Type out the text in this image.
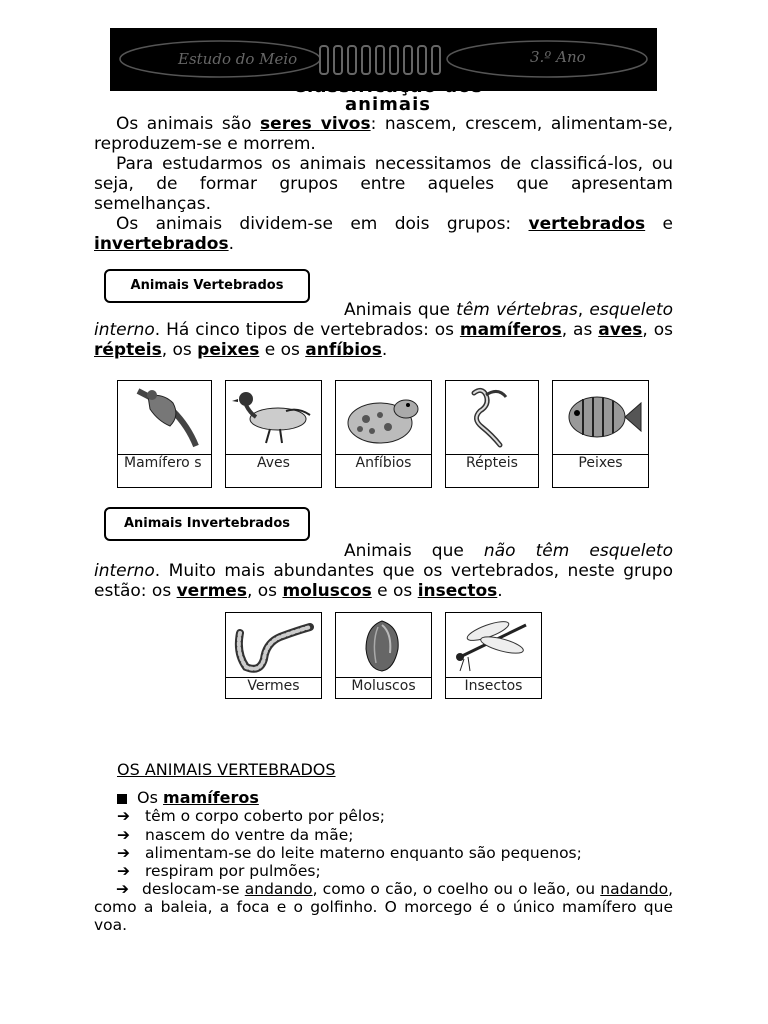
Estudo do Meio	3.º Ano
Classificação dos animais
Os animais são seres vivos: nascem, crescem, alimentam-se, reproduzem-se e morrem.
Para estudarmos os animais necessitamos de classificá-los, ou seja, de formar grupos entre aqueles que apresentam semelhanças.
Os animais dividem-se em dois grupos: vertebrados e invertebrados.
Animais Vertebrados
Animais que têm vértebras, esqueleto interno. Há cinco tipos de vertebrados: os mamíferos, as aves, os répteis, os peixes e os anfíbios.
Mamífero s	Aves	Anfíbios	Répteis	Peixes
Animais Invertebrados
Animais que não têm esqueleto interno. Muito mais abundantes que os vertebrados, neste grupo estão: os vermes, os moluscos e os insectos.
Vermes	Moluscos	Insectos
OS ANIMAIS VERTEBRADOS
Os mamíferos
➔ têm o corpo coberto por pêlos;
➔ nascem do ventre da mãe;
➔ alimentam-se do leite materno enquanto são pequenos;
➔ respiram por pulmões;
➔ deslocam-se andando, como o cão, o coelho ou o leão, ou nadando, como a baleia, a foca e o golfinho. O morcego é o único mamífero que voa.
